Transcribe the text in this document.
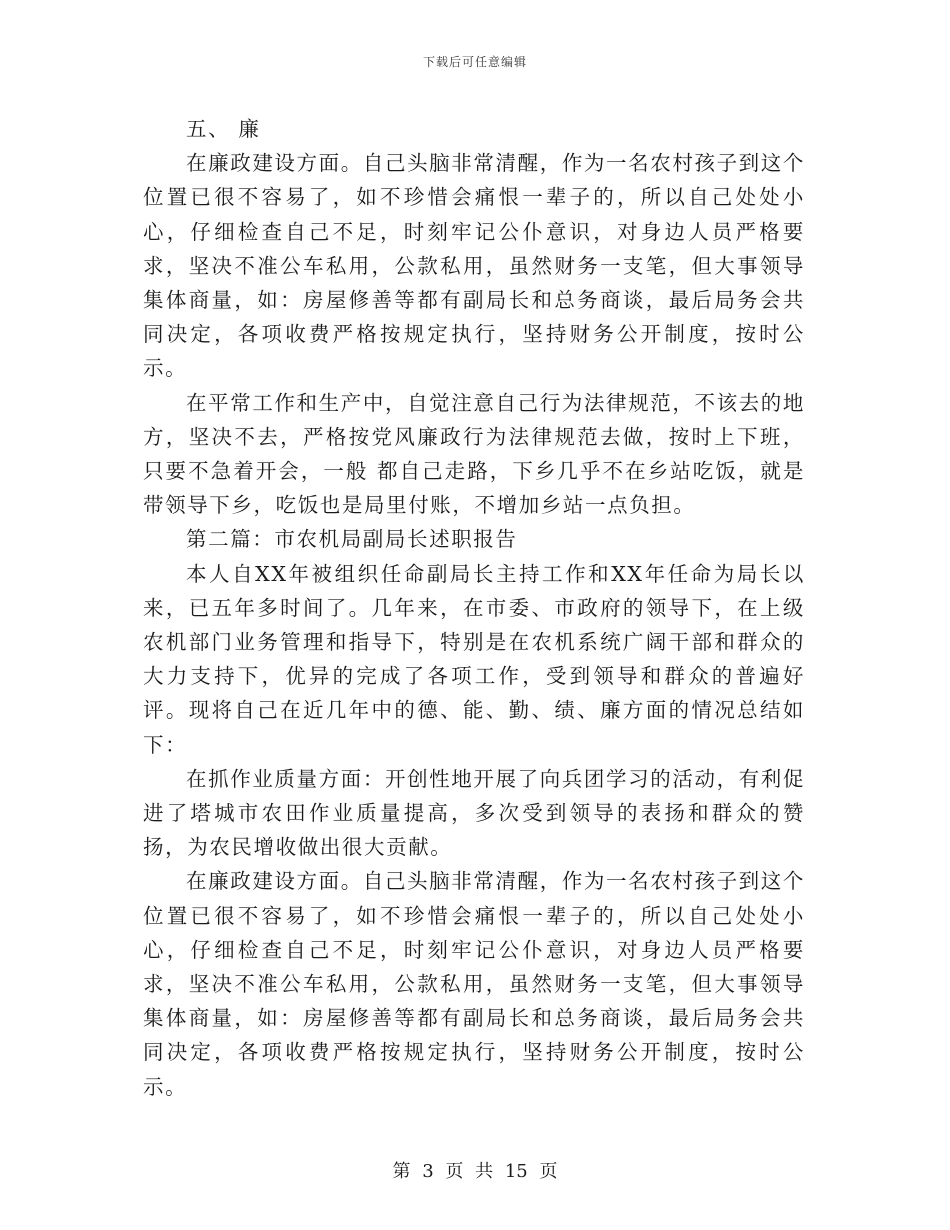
下载后可任意编辑

五、 廉

在廉政建设方面。自己头脑非常清醒，作为一名农村孩子到这个位置已很不容易了，如不珍惜会痛恨一辈子的，所以自己处处小心，仔细检查自己不足，时刻牢记公仆意识，对身边人员严格要求，坚决不准公车私用，公款私用，虽然财务一支笔，但大事领导集体商量，如：房屋修善等都有副局长和总务商谈，最后局务会共同决定，各项收费严格按规定执行，坚持财务公开制度，按时公示。

在平常工作和生产中，自觉注意自己行为法律规范，不该去的地方，坚决不去，严格按党风廉政行为法律规范去做，按时上下班，只要不急着开会，一般 都自己走路，下乡几乎不在乡站吃饭，就是带领导下乡，吃饭也是局里付账，不增加乡站一点负担。

第二篇：市农机局副局长述职报告

本人自XX年被组织任命副局长主持工作和XX年任命为局长以来，已五年多时间了。几年来，在市委、市政府的领导下，在上级农机部门业务管理和指导下，特别是在农机系统广阔干部和群众的大力支持下，优异的完成了各项工作，受到领导和群众的普遍好评。现将自己在近几年中的德、能、勤、绩、廉方面的情况总结如下：

在抓作业质量方面：开创性地开展了向兵团学习的活动，有利促进了塔城市农田作业质量提高，多次受到领导的表扬和群众的赞扬，为农民增收做出很大贡献。

在廉政建设方面。自己头脑非常清醒，作为一名农村孩子到这个位置已很不容易了，如不珍惜会痛恨一辈子的，所以自己处处小心，仔细检查自己不足，时刻牢记公仆意识，对身边人员严格要求，坚决不准公车私用，公款私用，虽然财务一支笔，但大事领导集体商量，如：房屋修善等都有副局长和总务商谈，最后局务会共同决定，各项收费严格按规定执行，坚持财务公开制度，按时公示。

第 3 页 共 15 页
